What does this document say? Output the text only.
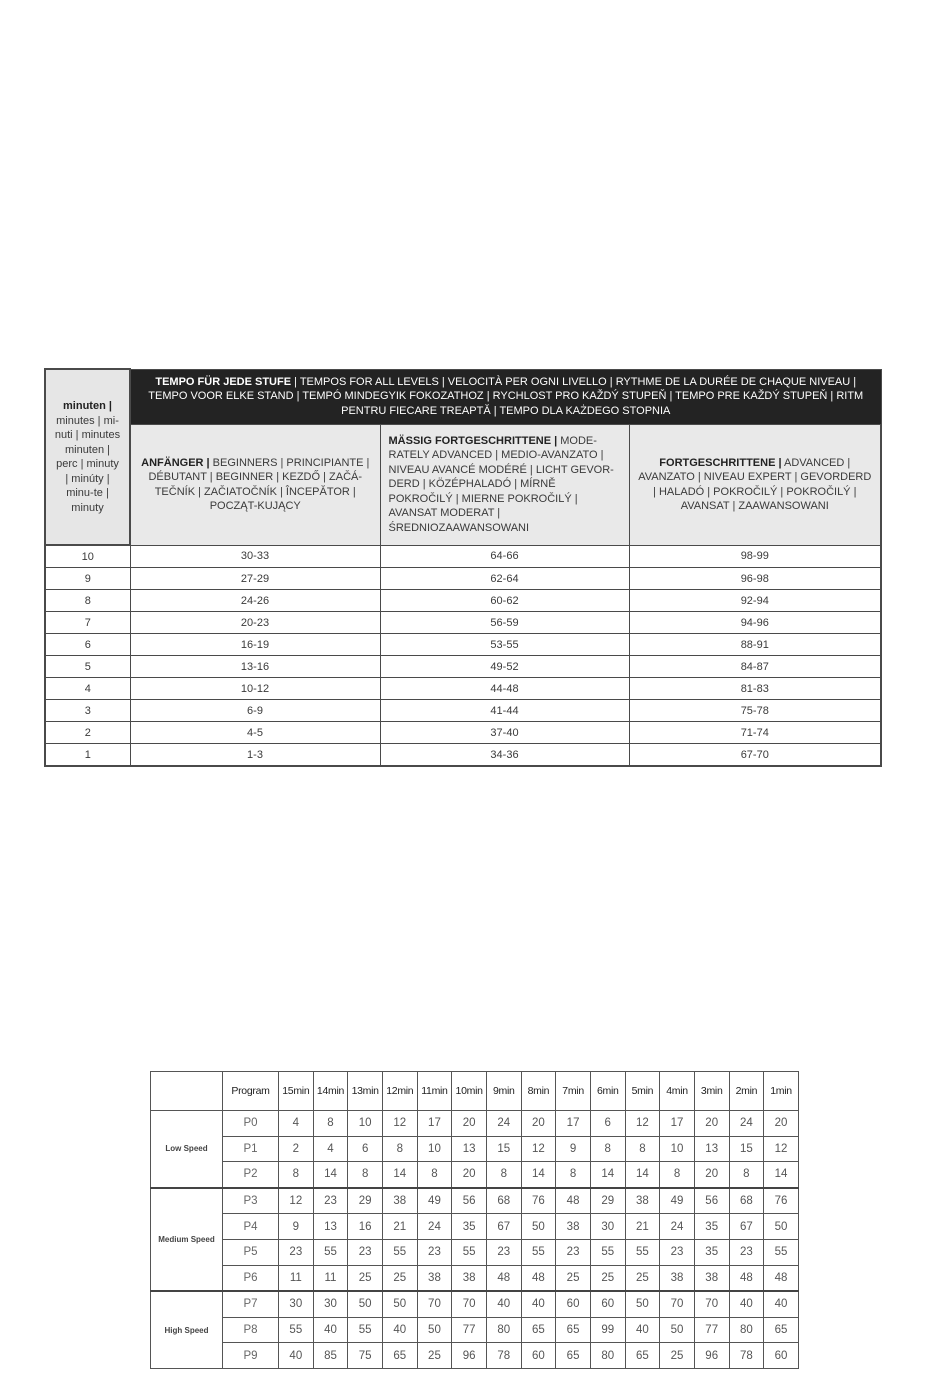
minuten | minutes | mi-nuti | minutes minuten | perc | minuty | minúty | minu-te | minuty	TEMPO FÜR JEDE STUFE | TEMPOS FOR ALL LEVELS | VELOCITÀ PER OGNI LIVELLO | RYTHME DE LA DURÉE DE CHAQUE NIVEAU | TEMPO VOOR ELKE STAND | TEMPÓ MINDEGYIK FOKOZATHOZ | RYCHLOST PRO KAŽDÝ STUPEŇ | TEMPO PRE KAŽDÝ STUPEŇ | RITM PENTRU FIECARE TREAPTĂ | TEMPO DLA KAŻDEGO STOPNIA		
	ANFÄNGER | BEGINNERS | PRINCIPIANTE | DÉBUTANT | BEGINNER | KEZDŐ | ZAČÁ-TEČNÍK | ZAČIATOČNÍK | ÎNCEPĂTOR | POCZĄT-KUJĄCY	MÄSSIG FORTGESCHRITTENE | MODE-RATELY ADVANCED | MEDIO-AVANZATO | NIVEAU AVANCÉ MODÉRÉ | LICHT GEVOR-DERD | KÖZÉPHALADÓ | MÍRNĚ POKROČILÝ | MIERNE POKROČILÝ | AVANSAT MODERAT | ŚREDNIOZAAWANSOWANI	FORTGESCHRITTENE | ADVANCED | AVANZATO | NIVEAU EXPERT | GEVORDERD | HALADÓ | POKROČILÝ | POKROČILÝ | AVANSAT | ZAAWANSOWANI
10	30-33	64-66	98-99
9	27-29	62-64	96-98
8	24-26	60-62	92-94
7	20-23	56-59	94-96
6	16-19	53-55	88-91
5	13-16	49-52	84-87
4	10-12	44-48	81-83
3	6-9	41-44	75-78
2	4-5	37-40	71-74
1	1-3	34-36	67-70
	Program	15min	14min	13min	12min	11min	10min	9min	8min	7min	6min	5min	4min	3min	2min	1min
Low Speed	P0	4	8	10	12	17	20	24	20	17	6	12	17	20	24	20
	P1	2	4	6	8	10	13	15	12	9	8	8	10	13	15	12
	P2	8	14	8	14	8	20	8	14	8	14	14	8	20	8	14
Medium Speed	P3	12	23	29	38	49	56	68	76	48	29	38	49	56	68	76
	P4	9	13	16	21	24	35	67	50	38	30	21	24	35	67	50
	P5	23	55	23	55	23	55	23	55	23	55	55	23	35	23	55
	P6	11	11	25	25	38	38	48	48	25	25	25	38	38	48	48
High Speed	P7	30	30	50	50	70	70	40	40	60	60	50	70	70	40	40
	P8	55	40	55	40	50	77	80	65	65	99	40	50	77	80	65
	P9	40	85	75	65	25	96	78	60	65	80	65	25	96	78	60
